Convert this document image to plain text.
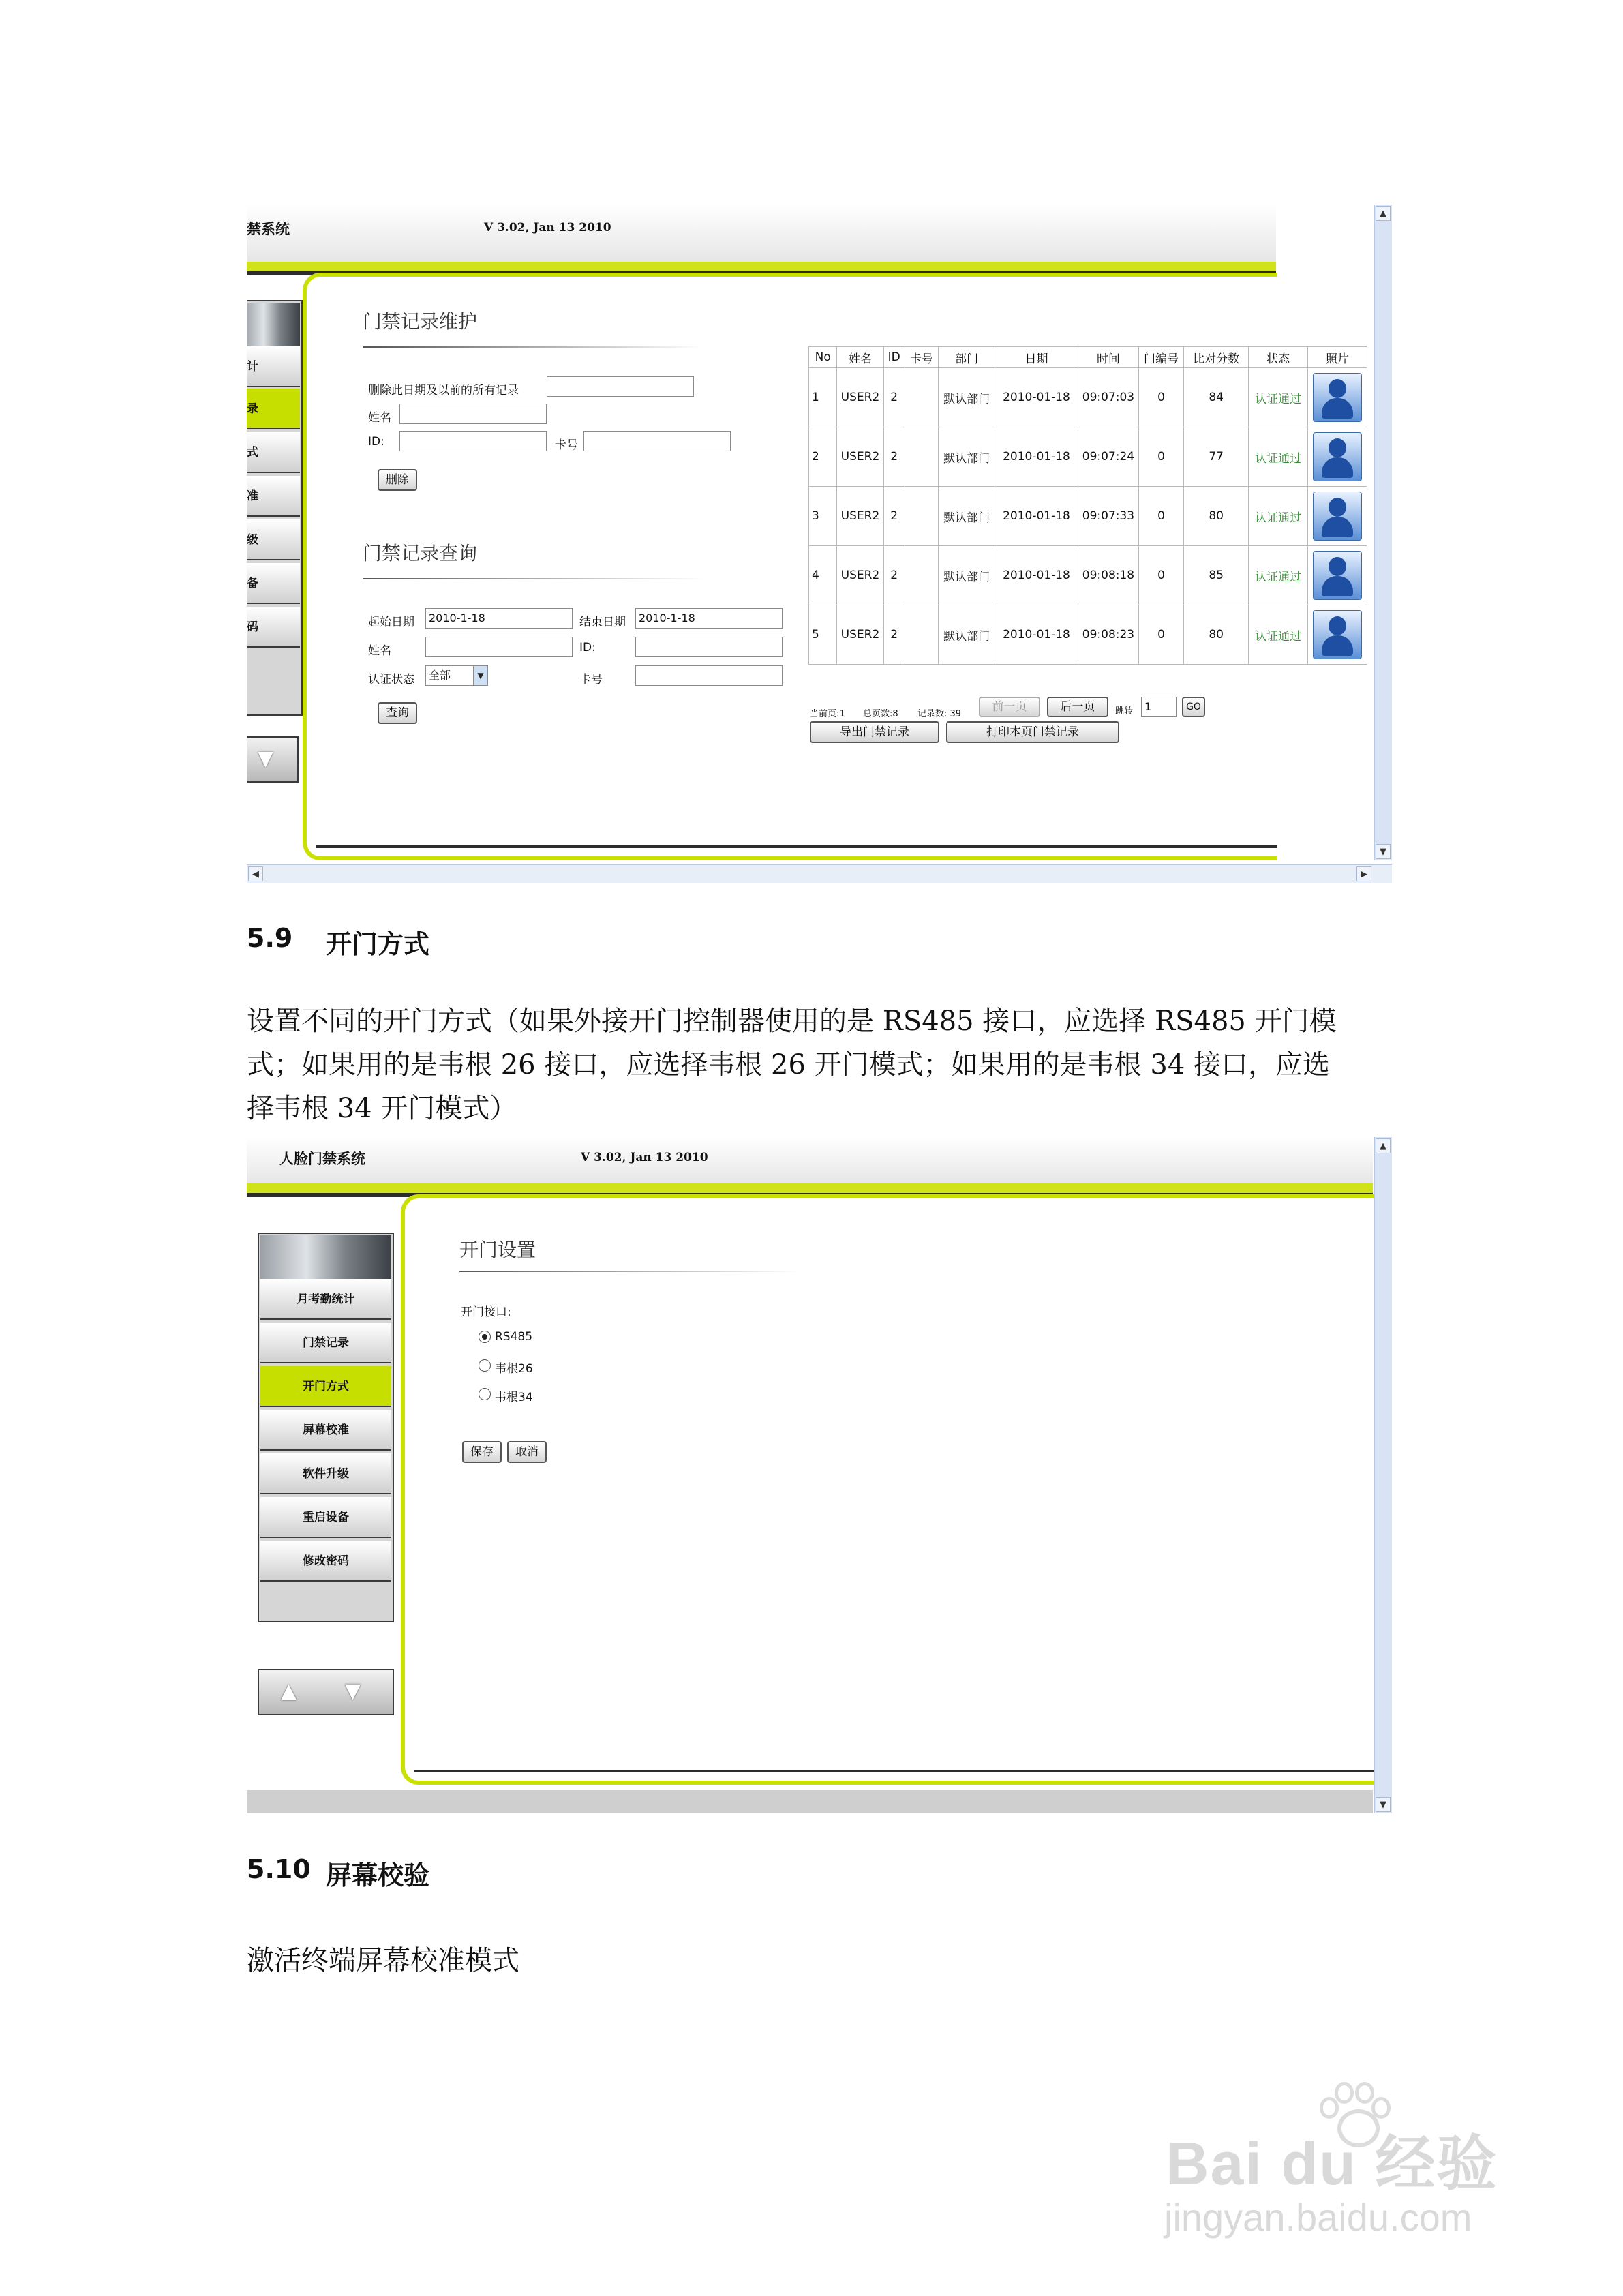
禁系统	V 3.02, Jan 13 2010
计
录
式
准
级
备
码
▼
门禁记录维护
删除此日期及以前的所有记录
姓名
ID:	卡号
删除
门禁记录查询
起始日期	2010-1-18	结束日期	2010-1-18
姓名	ID:
认证状态	全部	▼	卡号
查询
No	姓名	ID	卡号	部门	日期	时间	门编号	比对分数	状态	照片
1	USER2	2		默认部门	2010-01-18	09:07:03	0	84	认证通过	

2	USER2	2		默认部门	2010-01-18	09:07:24	0	77	认证通过	

3	USER2	2		默认部门	2010-01-18	09:07:33	0	80	认证通过	

4	USER2	2		默认部门	2010-01-18	09:08:18	0	85	认证通过	

5	USER2	2		默认部门	2010-01-18	09:08:23	0	80	认证通过	
当前页:1 总页数:8 记录数: 39
前一页	后一页	跳转	1	GO
导出门禁记录	打印本页门禁记录
▲
▼
◀	▶
5.9 开门方式
设置不同的开门方式（如果外接开门控制器使用的是 RS485 接口，应选择 RS485 开门模
式；如果用的是韦根 26 接口，应选择韦根 26 开门模式；如果用的是韦根 34 接口，应选
择韦根 34 开门模式）
人脸门禁系统	V 3.02, Jan 13 2010
月考勤统计
门禁记录
开门方式
屏幕校准
软件升级
重启设备
修改密码
▲ ▼
开门设置
开门接口:
RS485
韦根26
韦根34
保存	取消
▲
▼
5.10 屏幕校验
激活终端屏幕校准模式
Bai du 经验
jingyan.baidu.com
